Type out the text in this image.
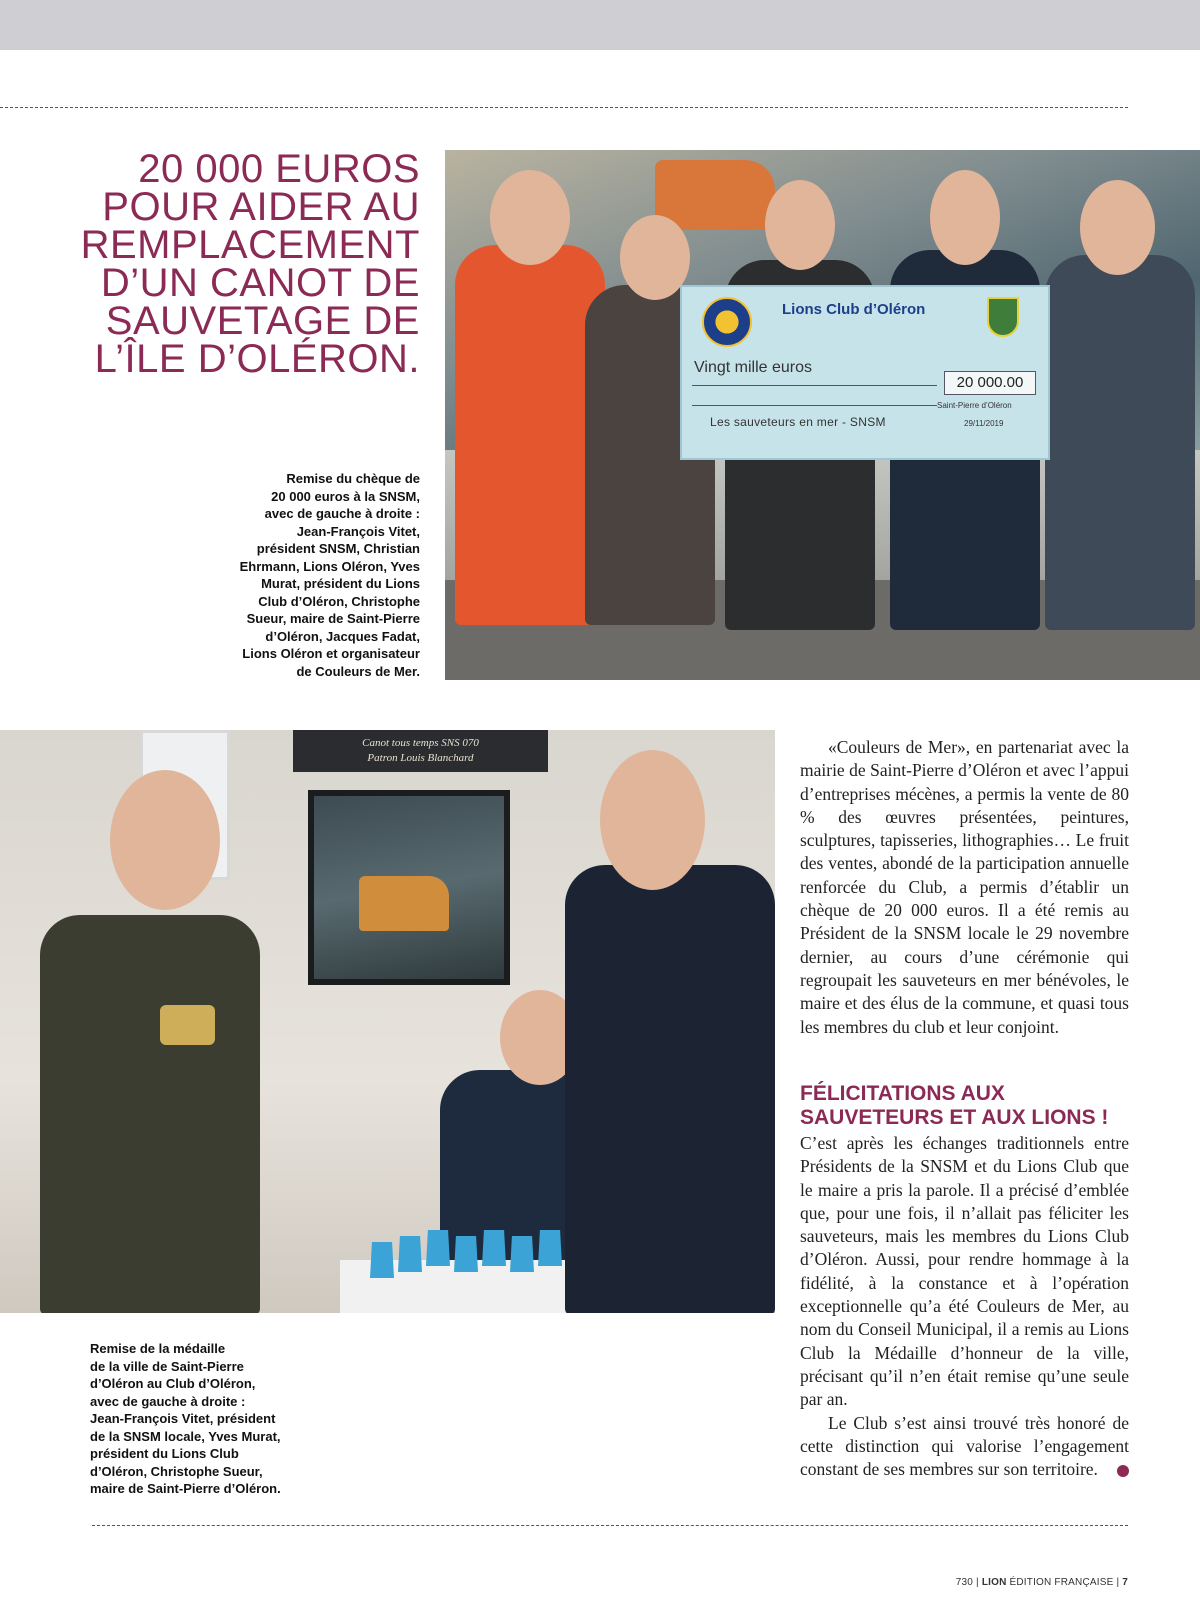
20 000 EUROS
POUR AIDER AU
REMPLACEMENT
D’UN CANOT DE
SAUVETAGE DE
L’ÎLE D’OLÉRON.
Remise du chèque de
20 000 euros à la SNSM,
avec de gauche à droite :
Jean-François Vitet,
président SNSM, Christian
Ehrmann, Lions Oléron, Yves
Murat, président du Lions
Club d’Oléron, Christophe
Sueur, maire de Saint-Pierre
d’Oléron, Jacques Fadat,
Lions Oléron et organisateur
de Couleurs de Mer.
Lions Club d’Oléron
Vingt mille euros
20 000.00
Saint-Pierre d’Oléron
29/11/2019
Les sauveteurs en mer - SNSM
Canot tous temps SNS 070
Patron Louis Blanchard
Remise de la médaille
de la ville de Saint-Pierre
d’Oléron au Club d’Oléron,
avec de gauche à droite :
Jean-François Vitet, président
de la SNSM locale, Yves Murat,
président du Lions Club
d’Oléron, Christophe Sueur,
maire de Saint-Pierre d’Oléron.

«Couleurs de Mer», en partenariat avec la mairie de Saint-Pierre d’Oléron et avec l’appui d’entreprises mécènes, a permis la vente de 80 % des œuvres présentées, peintures, sculptures, tapisseries, lithographies… Le fruit des ventes, abondé de la participation annuelle renforcée du Club, a permis d’établir un chèque de 20 000 euros. Il a été remis au Président de la SNSM locale le 29 novembre dernier, au cours d’une cérémonie qui regroupait les sauveteurs en mer bénévoles, le maire et des élus de la commune, et quasi tous les membres du club et leur conjoint.

FÉLICITATIONS AUX
SAUVETEURS ET AUX LIONS !

C’est après les échanges traditionnels entre Présidents de la SNSM et du Lions Club que le maire a pris la parole. Il a précisé d’emblée que, pour une fois, il n’allait pas féliciter les sauveteurs, mais les membres du Lions Club d’Oléron. Aussi, pour rendre hommage à la fidélité, à la constance et à l’opération exceptionnelle qu’a été Couleurs de Mer, au nom du Conseil Municipal, il a remis au Lions Club la Médaille d’honneur de la ville, précisant qu’il n’en était remise qu’une seule par an.

Le Club s’est ainsi trouvé très honoré de cette distinction qui valorise l’engagement constant de ses membres sur son territoire.

730 | LION ÉDITION FRANÇAISE | 7
